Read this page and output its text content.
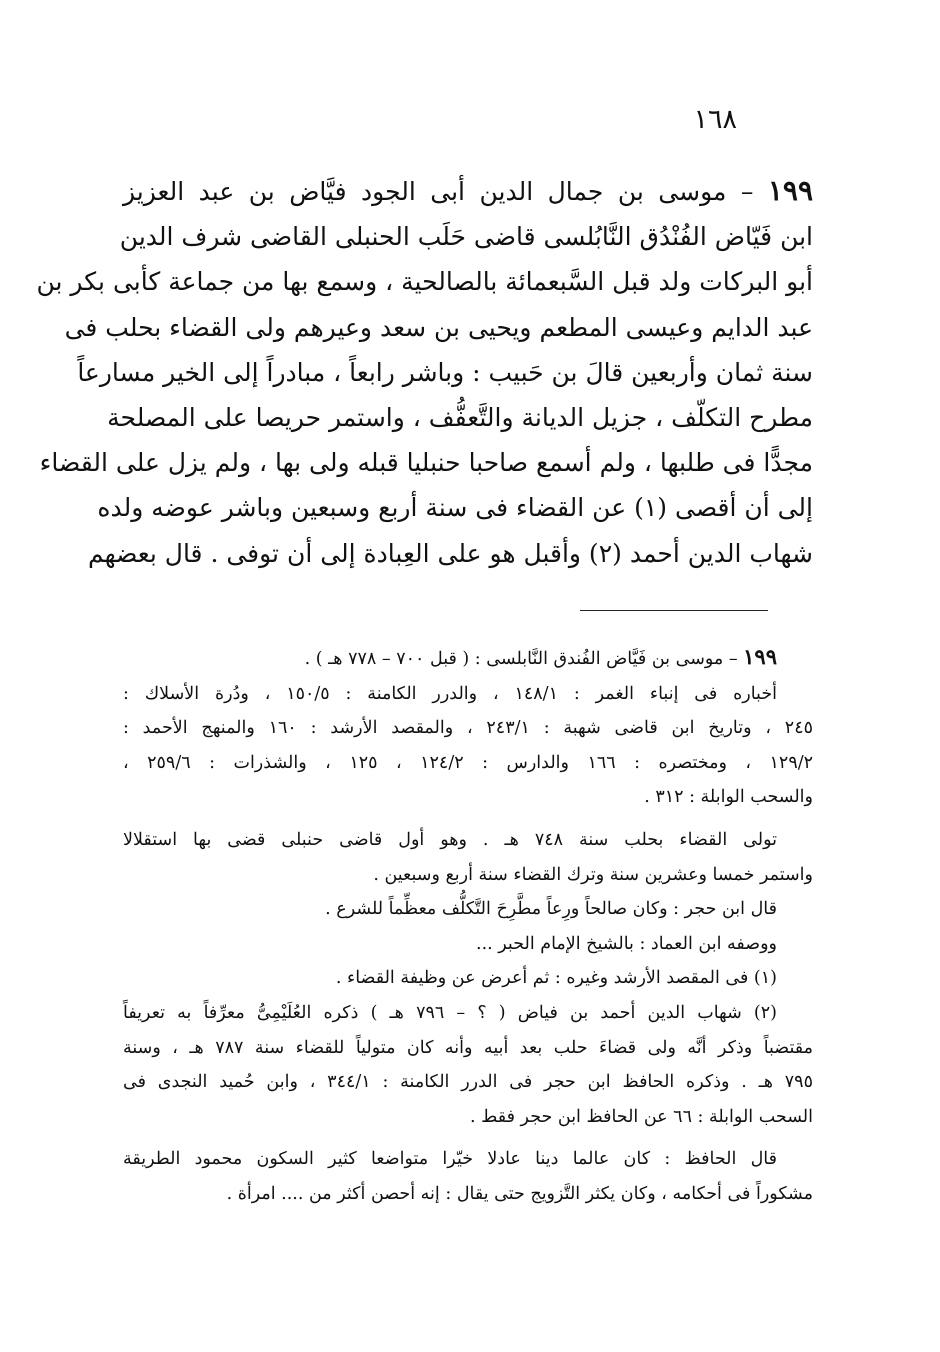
١٦٨
١٩٩ – موسى بن جمال الدين أبى الجود فيَّاض بن عبد العزيز
ابن فَيّاض الفُنْدُق النَّابُلسى قاضى حَلَب الحنبلى القاضى شرف الدين
أبو البركات ولد قبل السَّبعمائة بالصالحية ، وسمع بها من جماعة كأبى بكر بن
عبد الدايم وعيسى المطعم ويحيى بن سعد وعيرهم ولى القضاء بحلب فى
سنة ثمان وأربعين قالَ بن حَبيب : وباشر رابعاً ، مبادراً إلى الخير مسارعاً
مطرح التكلّف ، جزيل الديانة والتَّعفُّف ، واستمر حريصا على المصلحة
مجدًّا فى طلبها ، ولم أسمع صاحبا حنبليا قبله ولى بها ، ولم يزل على القضاء
إلى أن أقصى (١) عن القضاء فى سنة أربع وسبعين وباشر عوضه ولده
شهاب الدين أحمد (٢) وأقبل هو على العِبادة إلى أن توفى . قال بعضهم
١٩٩ – موسى بن فَيَّاض الفُندق النَّابلسى : ( قبل ٧٠٠ – ٧٧٨ هـ ) .
أخباره فى إنباء الغمر : ١٤٨/١ ، والدرر الكامنة : ١٥٠/٥ ، ودُرة الأسلاك :
٢٤٥ ، وتاريخ ابن قاضى شهبة : ٢٤٣/١ ، والمقصد الأرشد : ١٦٠ والمنهج الأحمد :
١٢٩/٢ ، ومختصره : ١٦٦ والدارس : ١٢٤/٢ ، ١٢٥ ، والشذرات : ٢٥٩/٦ ،
والسحب الوابلة : ٣١٢ .
تولى القضاء بحلب سنة ٧٤٨ هـ . وهو أول قاضى حنبلى قضى بها استقلالا
واستمر خمسا وعشرين سنة وترك القضاء سنة أربع وسبعين .
قال ابن حجر : وكان صالحاً ورِعاً مطَّرِحَ التَّكلُّف معظِّماً للشرع .
ووصفه ابن العماد : بالشيخ الإمام الحبر ...
(١) فى المقصد الأرشد وغيره : ثم أعرض عن وظيفة القضاء .
(٢) شهاب الدين أحمد بن فياض ( ؟ – ٧٩٦ هـ ) ذكره العُلَيْمِىُّ معرِّفاً به تعريفاً
مقتضباً وذكر أنَّه ولى قضاءَ حلب بعد أبيه وأنه كان متولياً للقضاء سنة ٧٨٧ هـ ، وسنة
٧٩٥ هـ . وذكره الحافظ ابن حجر فى الدرر الكامنة : ٣٤٤/١ ، وابن حُميد النجدى فى
السحب الوابلة : ٦٦ عن الحافظ ابن حجر فقط .
قال الحافظ : كان عالما دينا عادلا خيّرا متواضعا كثير السكون محمود الطريقة
مشكوراً فى أحكامه ، وكان يكثر التَّزويج حتى يقال : إنه أحصن أكثر من .... امرأة .
